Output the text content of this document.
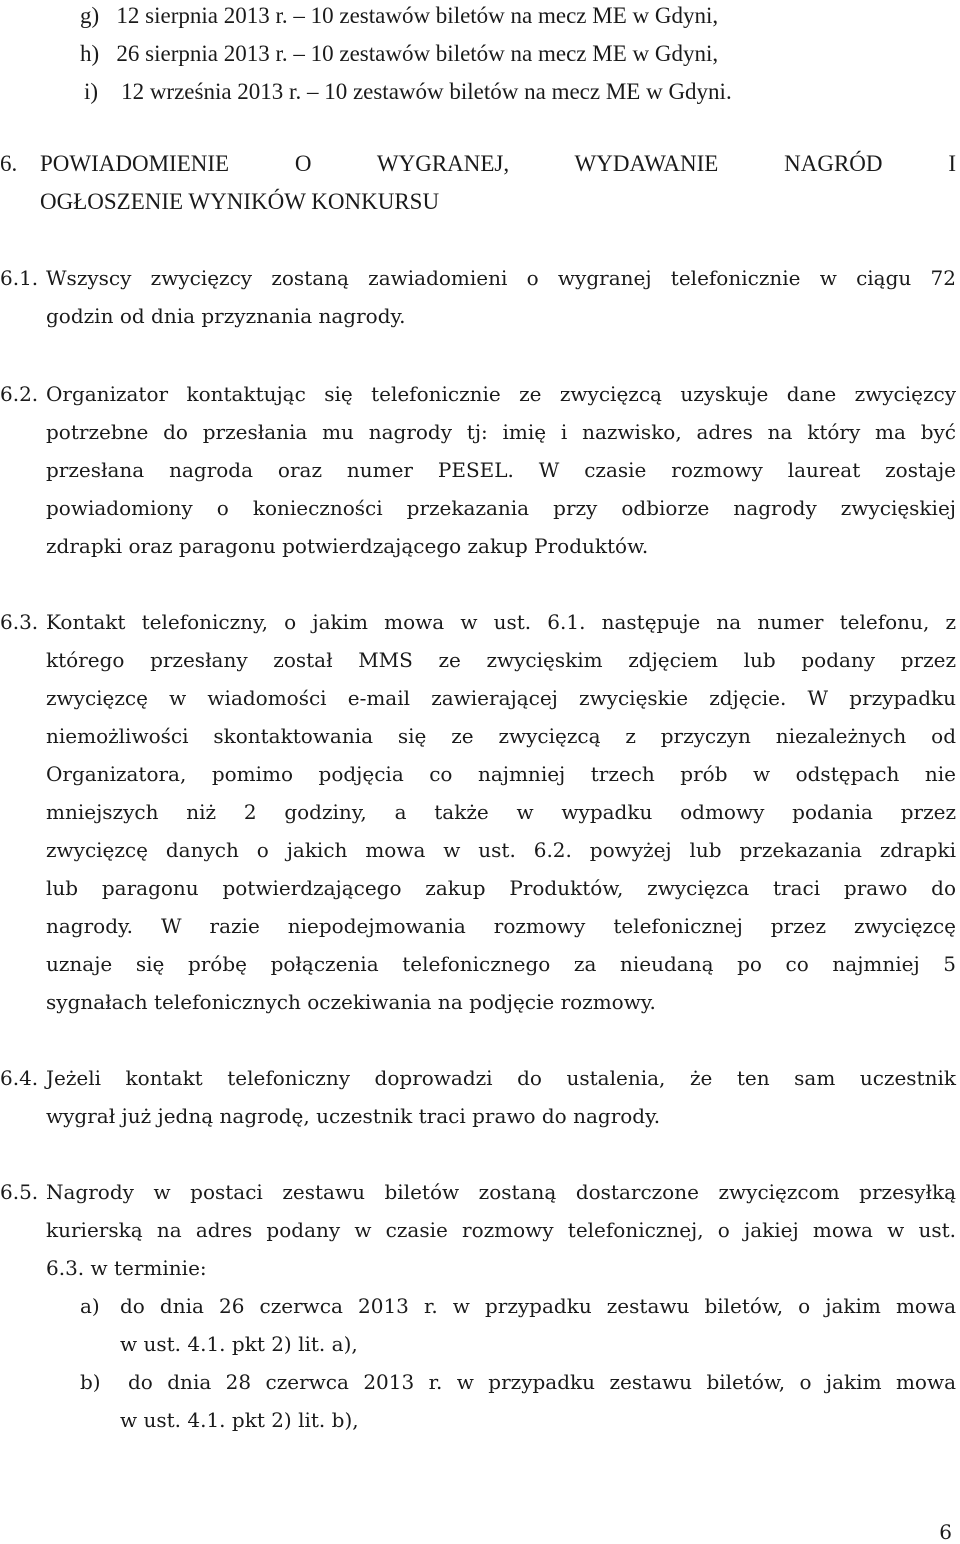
g) 12 sierpnia 2013 r. – 10 zestawów biletów na mecz ME w Gdyni,
h) 26 sierpnia 2013 r. – 10 zestawów biletów na mecz ME w Gdyni,
i) 12 września 2013 r. – 10 zestawów biletów na mecz ME w Gdyni.
6. POWIADOMIENIE O WYGRANEJ, WYDAWANIE NAGRÓD I
OGŁOSZENIE WYNIKÓW KONKURSU
6.1. Wszyscy zwycięzcy zostaną zawiadomieni o wygranej telefonicznie w ciągu 72
godzin od dnia przyznania nagrody.
6.2. Organizator kontaktując się telefonicznie ze zwycięzcą uzyskuje dane zwycięzcy
potrzebne do przesłania mu nagrody tj: imię i nazwisko, adres na który ma być
przesłana nagroda oraz numer PESEL. W czasie rozmowy laureat zostaje
powiadomiony o konieczności przekazania przy odbiorze nagrody zwycięskiej
zdrapki oraz paragonu potwierdzającego zakup Produktów.
6.3. Kontakt telefoniczny, o jakim mowa w ust. 6.1. następuje na numer telefonu, z
którego przesłany został MMS ze zwycięskim zdjęciem lub podany przez
zwycięzcę w wiadomości e-mail zawierającej zwycięskie zdjęcie. W przypadku
niemożliwości skontaktowania się ze zwycięzcą z przyczyn niezależnych od
Organizatora, pomimo podjęcia co najmniej trzech prób w odstępach nie
mniejszych niż 2 godziny, a także w wypadku odmowy podania przez
zwycięzcę danych o jakich mowa w ust. 6.2. powyżej lub przekazania zdrapki
lub paragonu potwierdzającego zakup Produktów, zwycięzca traci prawo do
nagrody. W razie niepodejmowania rozmowy telefonicznej przez zwycięzcę
uznaje się próbę połączenia telefonicznego za nieudaną po co najmniej 5
sygnałach telefonicznych oczekiwania na podjęcie rozmowy.
6.4. Jeżeli kontakt telefoniczny doprowadzi do ustalenia, że ten sam uczestnik
wygrał już jedną nagrodę, uczestnik traci prawo do nagrody.
6.5. Nagrody w postaci zestawu biletów zostaną dostarczone zwycięzcom przesyłką
kurierską na adres podany w czasie rozmowy telefonicznej, o jakiej mowa w ust.
6.3. w terminie:
a) do dnia 26 czerwca 2013 r. w przypadku zestawu biletów, o jakim mowa
w ust. 4.1. pkt 2) lit. a),
b) do dnia 28 czerwca 2013 r. w przypadku zestawu biletów, o jakim mowa
w ust. 4.1. pkt 2) lit. b),
6
